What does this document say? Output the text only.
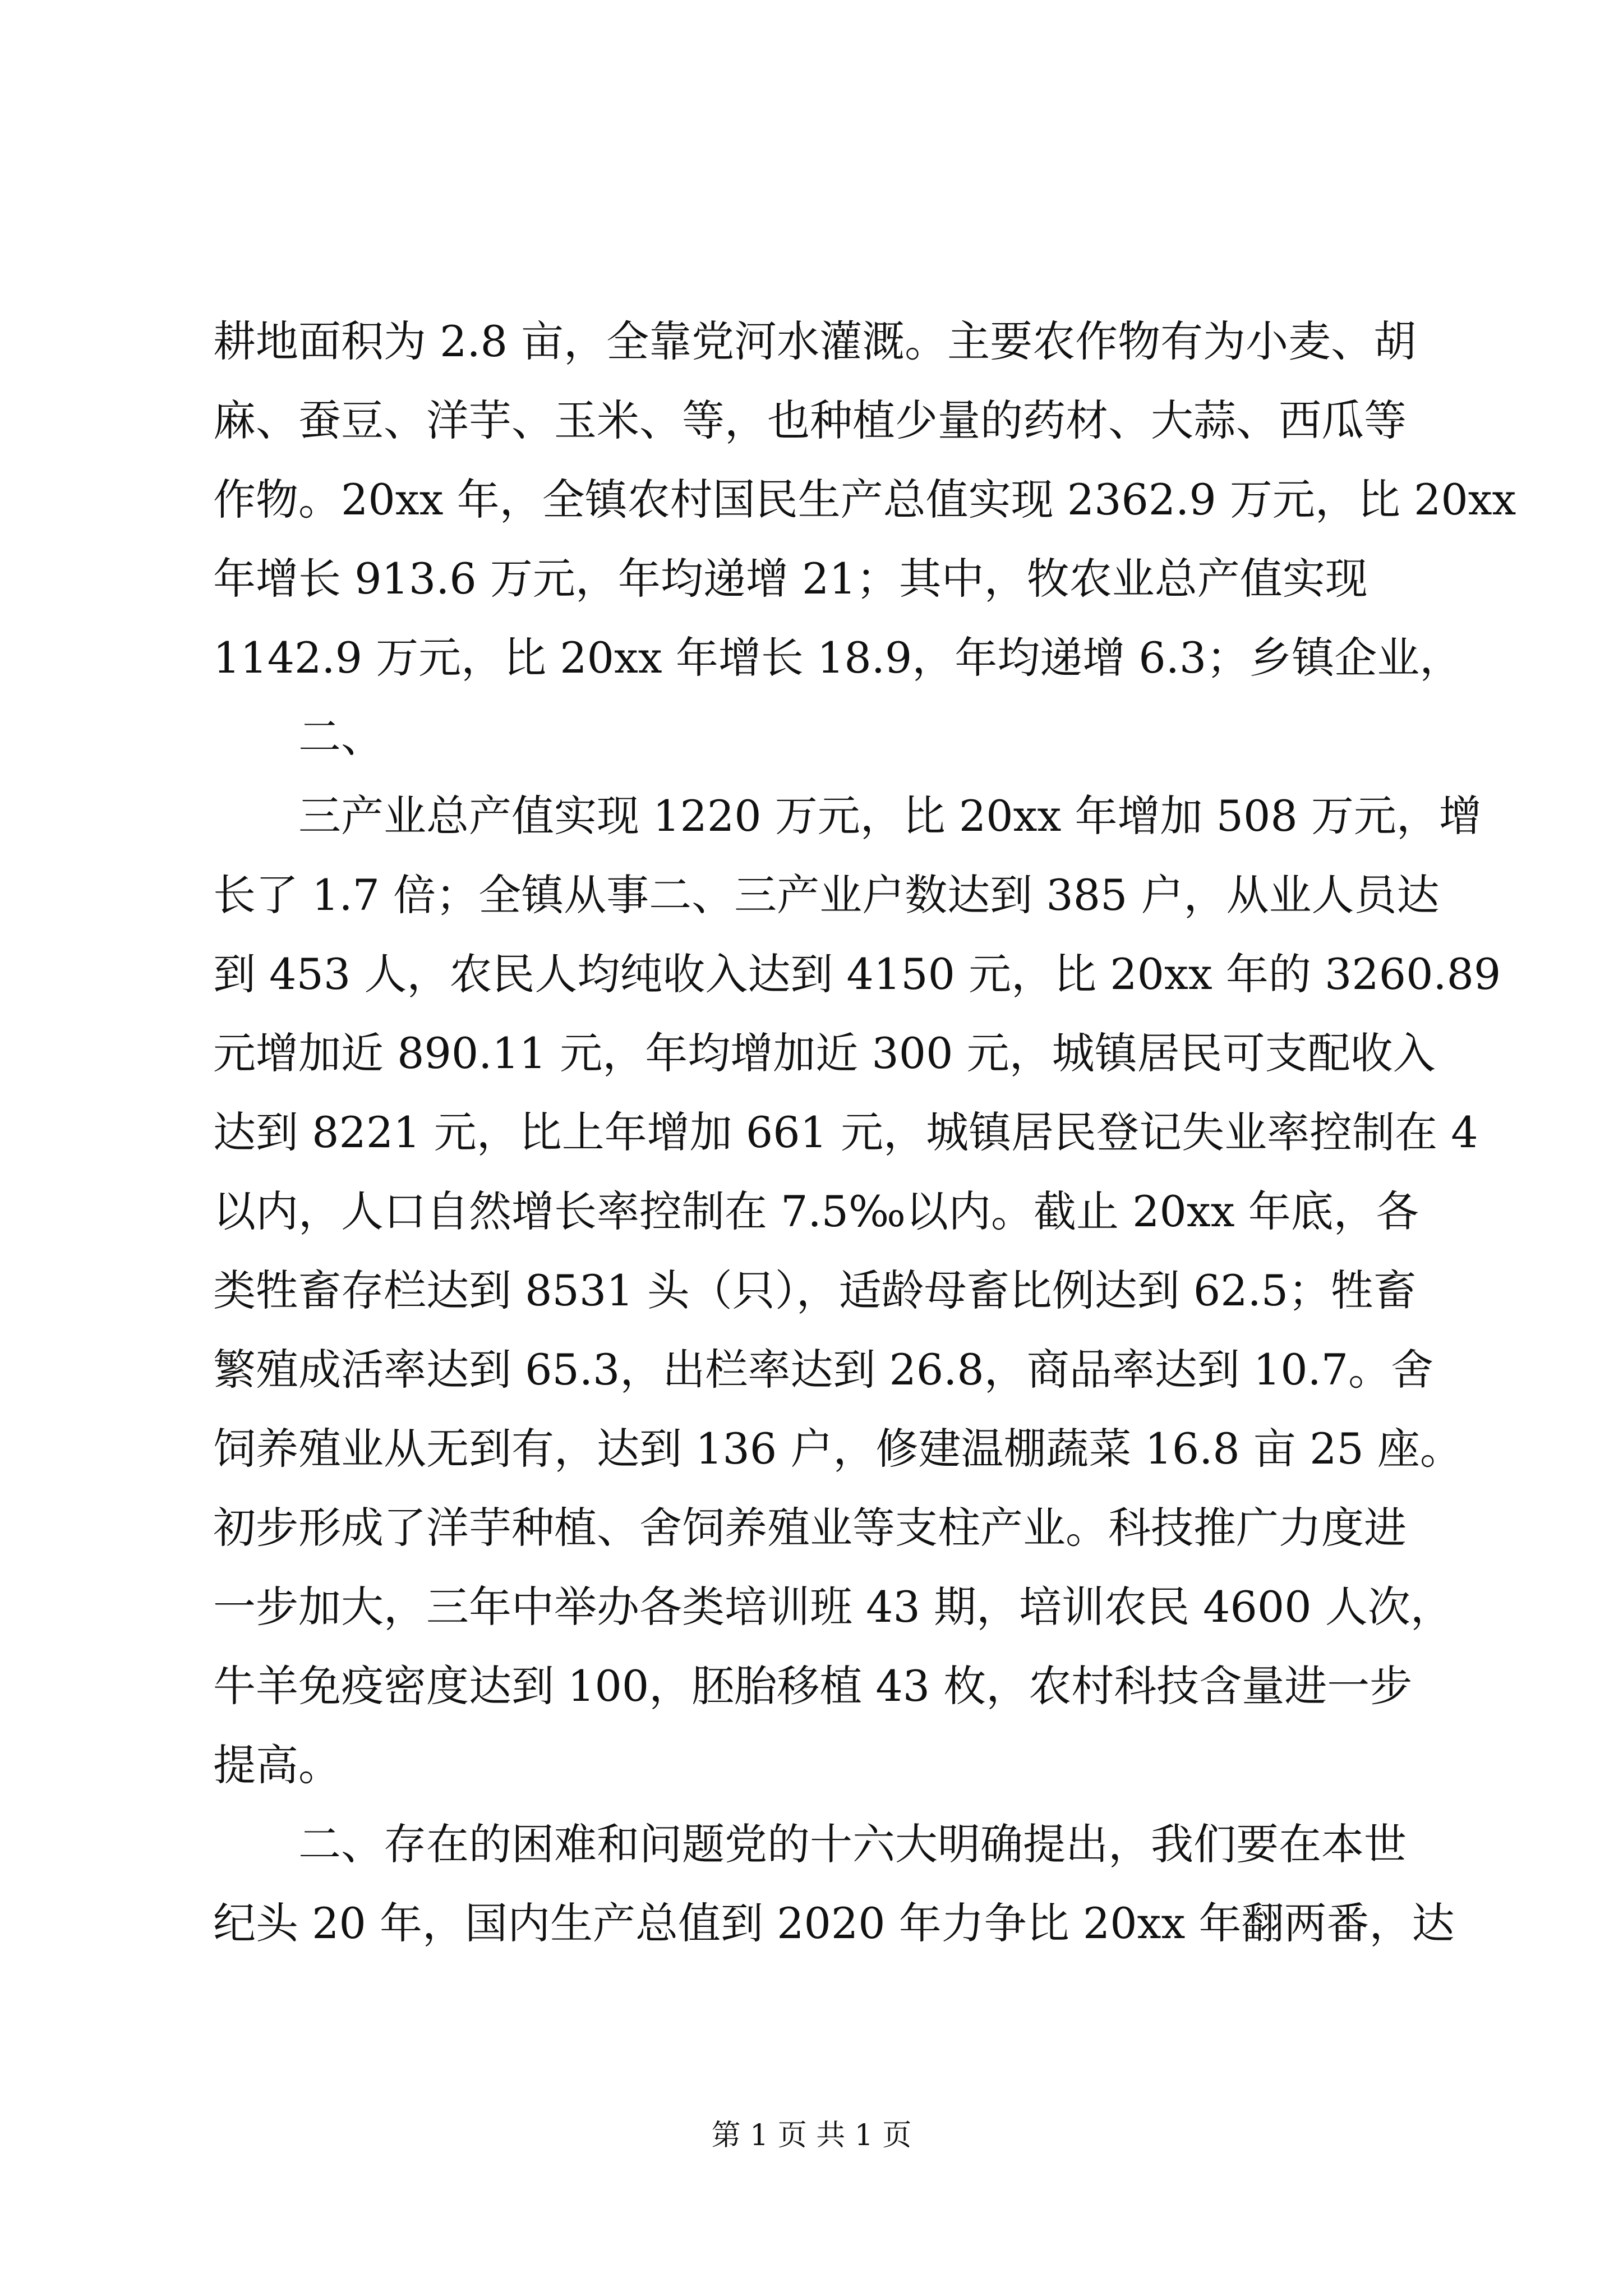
耕地面积为 2.8 亩，全靠党河水灌溉。主要农作物有为小麦、胡
麻、蚕豆、洋芋、玉米、等，也种植少量的药材、大蒜、西瓜等
作物。20xx 年，全镇农村国民生产总值实现 2362.9 万元，比 20xx
年增长 913.6 万元，年均递增 21；其中，牧农业总产值实现
1142.9 万元，比 20xx 年增长 18.9，年均递增 6.3；乡镇企业，
二、
三产业总产值实现 1220 万元，比 20xx 年增加 508 万元，增
长了 1.7 倍；全镇从事二、三产业户数达到 385 户，从业人员达
到 453 人，农民人均纯收入达到 4150 元，比 20xx 年的 3260.89
元增加近 890.11 元，年均增加近 300 元，城镇居民可支配收入
达到 8221 元，比上年增加 661 元，城镇居民登记失业率控制在 4
以内，人口自然增长率控制在 7.5‰以内。截止 20xx 年底，各
类牲畜存栏达到 8531 头（只），适龄母畜比例达到 62.5；牲畜
繁殖成活率达到 65.3，出栏率达到 26.8，商品率达到 10.7。舍
饲养殖业从无到有，达到 136 户，修建温棚蔬菜 16.8 亩 25 座。
初步形成了洋芋种植、舍饲养殖业等支柱产业。科技推广力度进
一步加大，三年中举办各类培训班 43 期，培训农民 4600 人次，
牛羊免疫密度达到 100，胚胎移植 43 枚，农村科技含量进一步
提高。
二、存在的困难和问题党的十六大明确提出，我们要在本世
纪头 20 年，国内生产总值到 2020 年力争比 20xx 年翻两番，达
第 1 页 共 1 页
